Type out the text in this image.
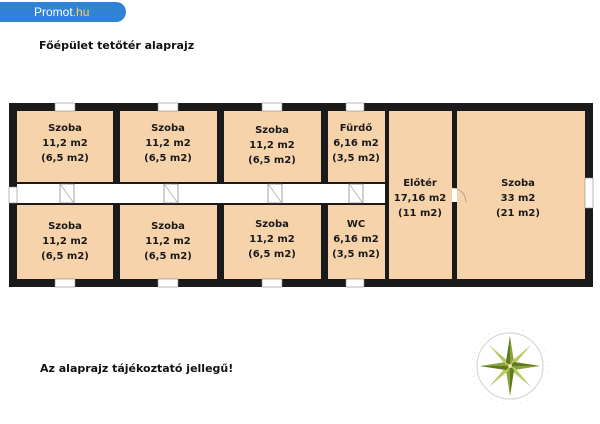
Promot.hu
Főépület tetőtér alaprajz
Szoba
11,2 m2
(6,5 m2)
Szoba
11,2 m2
(6,5 m2)
Szoba
11,2 m2
(6,5 m2)
Fürdő
6,16 m2
(3,5 m2)
Szoba
11,2 m2
(6,5 m2)
Szoba
11,2 m2
(6,5 m2)
Szoba
11,2 m2
(6,5 m2)
WC
6,16 m2
(3,5 m2)
Előtér
17,16 m2
(11 m2)
Szoba
33 m2
(21 m2)
Az alaprajz tájékoztató jellegű!
